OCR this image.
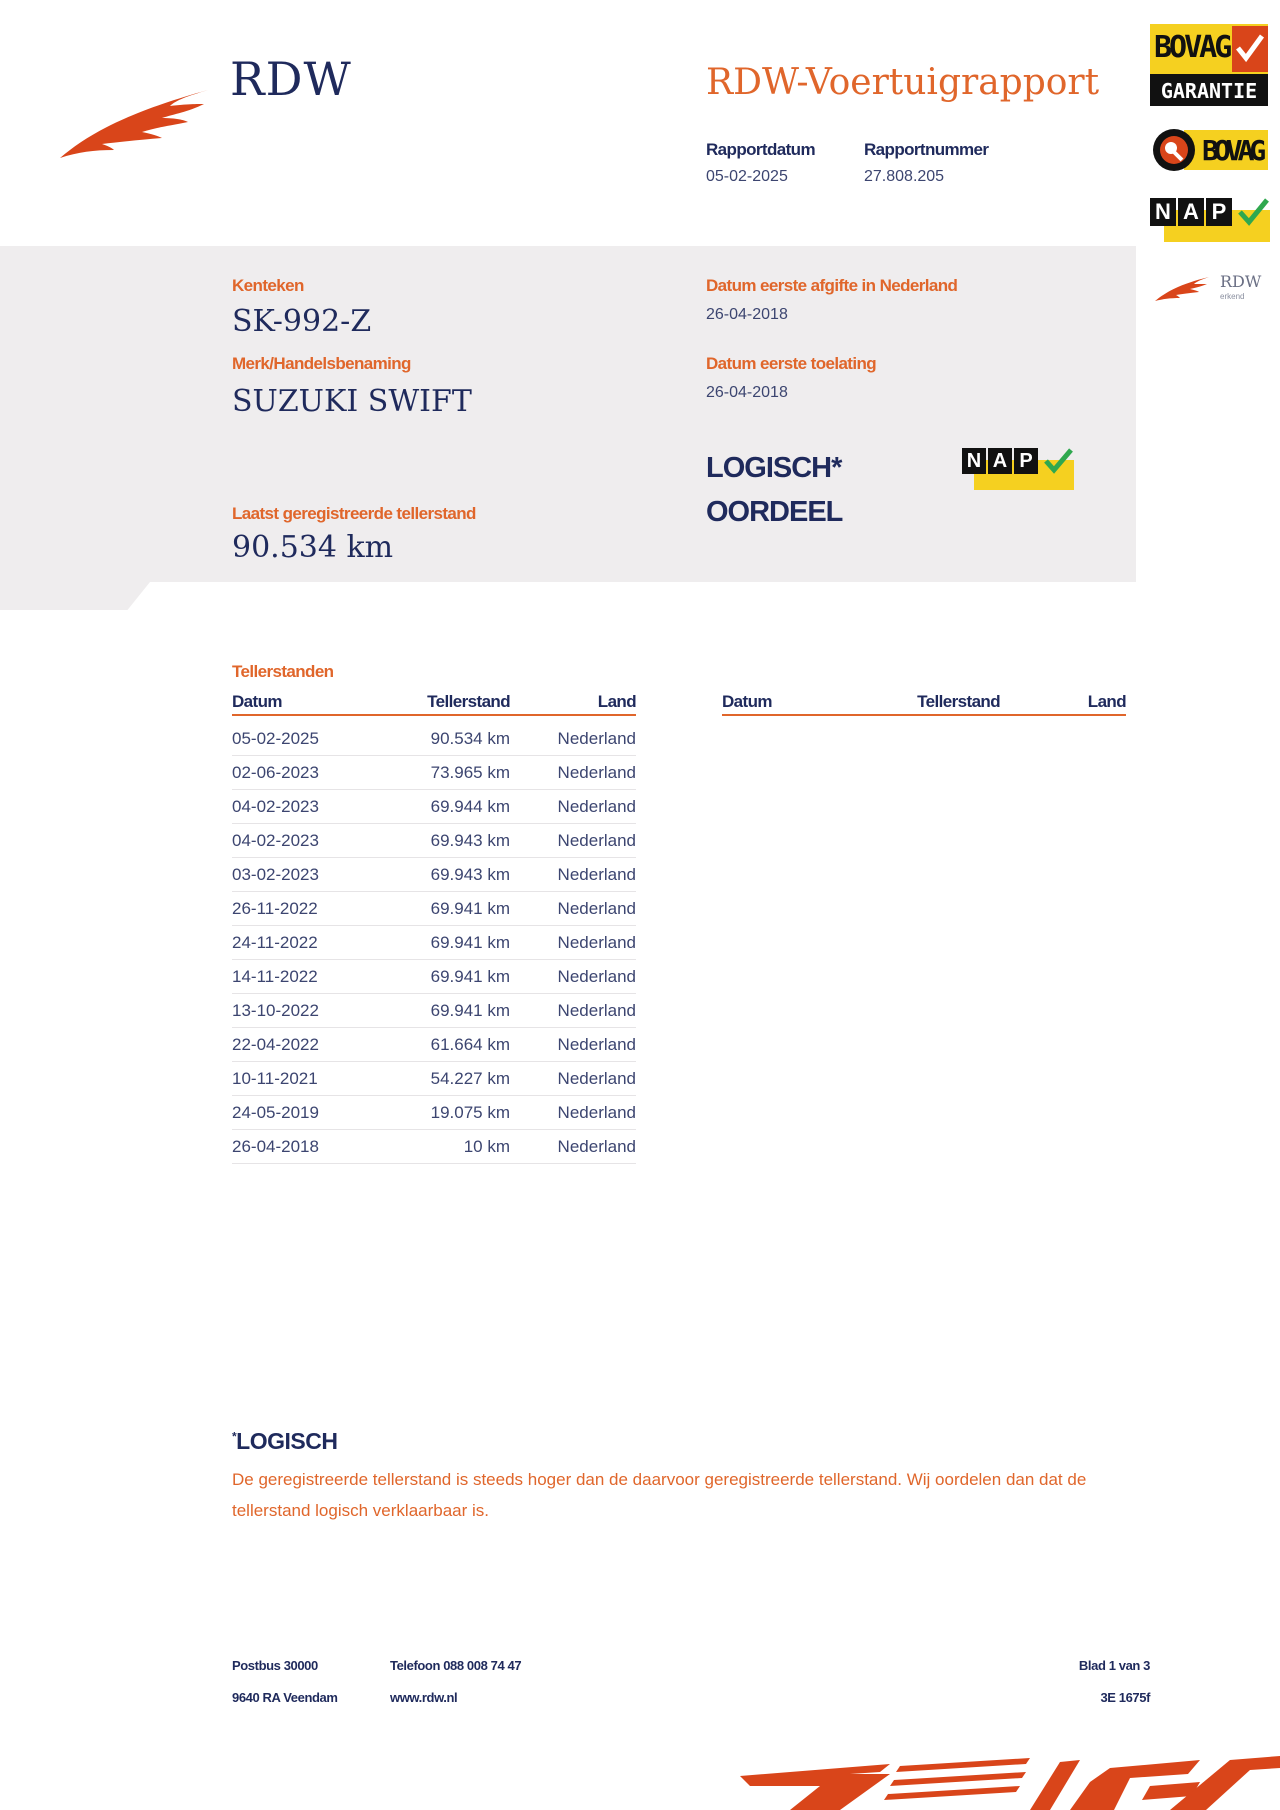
RDW	RDW-Voertuigrapport
Rapportdatum
05-02-2025
Rapportnummer
27.808.205
BOVAG
GARANTIE
BOVAG
N A P
RDW
erkend
Kenteken
SK-992-Z
Merk/Handelsbenaming
SUZUKI SWIFT
Datum eerste afgifte in Nederland
26-04-2018
Datum eerste toelating
26-04-2018
Laatst geregistreerde tellerstand
90.534 km
LOGISCH*
OORDEEL
N A P
Tellerstanden
Datum	Tellerstand	Land
05-02-2025	90.534 km	Nederland
02-06-2023	73.965 km	Nederland
04-02-2023	69.944 km	Nederland
04-02-2023	69.943 km	Nederland
03-02-2023	69.943 km	Nederland
26-11-2022	69.941 km	Nederland
24-11-2022	69.941 km	Nederland
14-11-2022	69.941 km	Nederland
13-10-2022	69.941 km	Nederland
22-04-2022	61.664 km	Nederland
10-11-2021	54.227 km	Nederland
24-05-2019	19.075 km	Nederland
26-04-2018	10 km	Nederland
Datum	Tellerstand	Land
*LOGISCH
De geregistreerde tellerstand is steeds hoger dan de daarvoor geregistreerde tellerstand. Wij oordelen dan dat de tellerstand logisch verklaarbaar is.
Postbus 30000
9640 RA Veendam
Telefoon 088 008 74 47
www.rdw.nl
Blad 1 van 3
3E 1675f
